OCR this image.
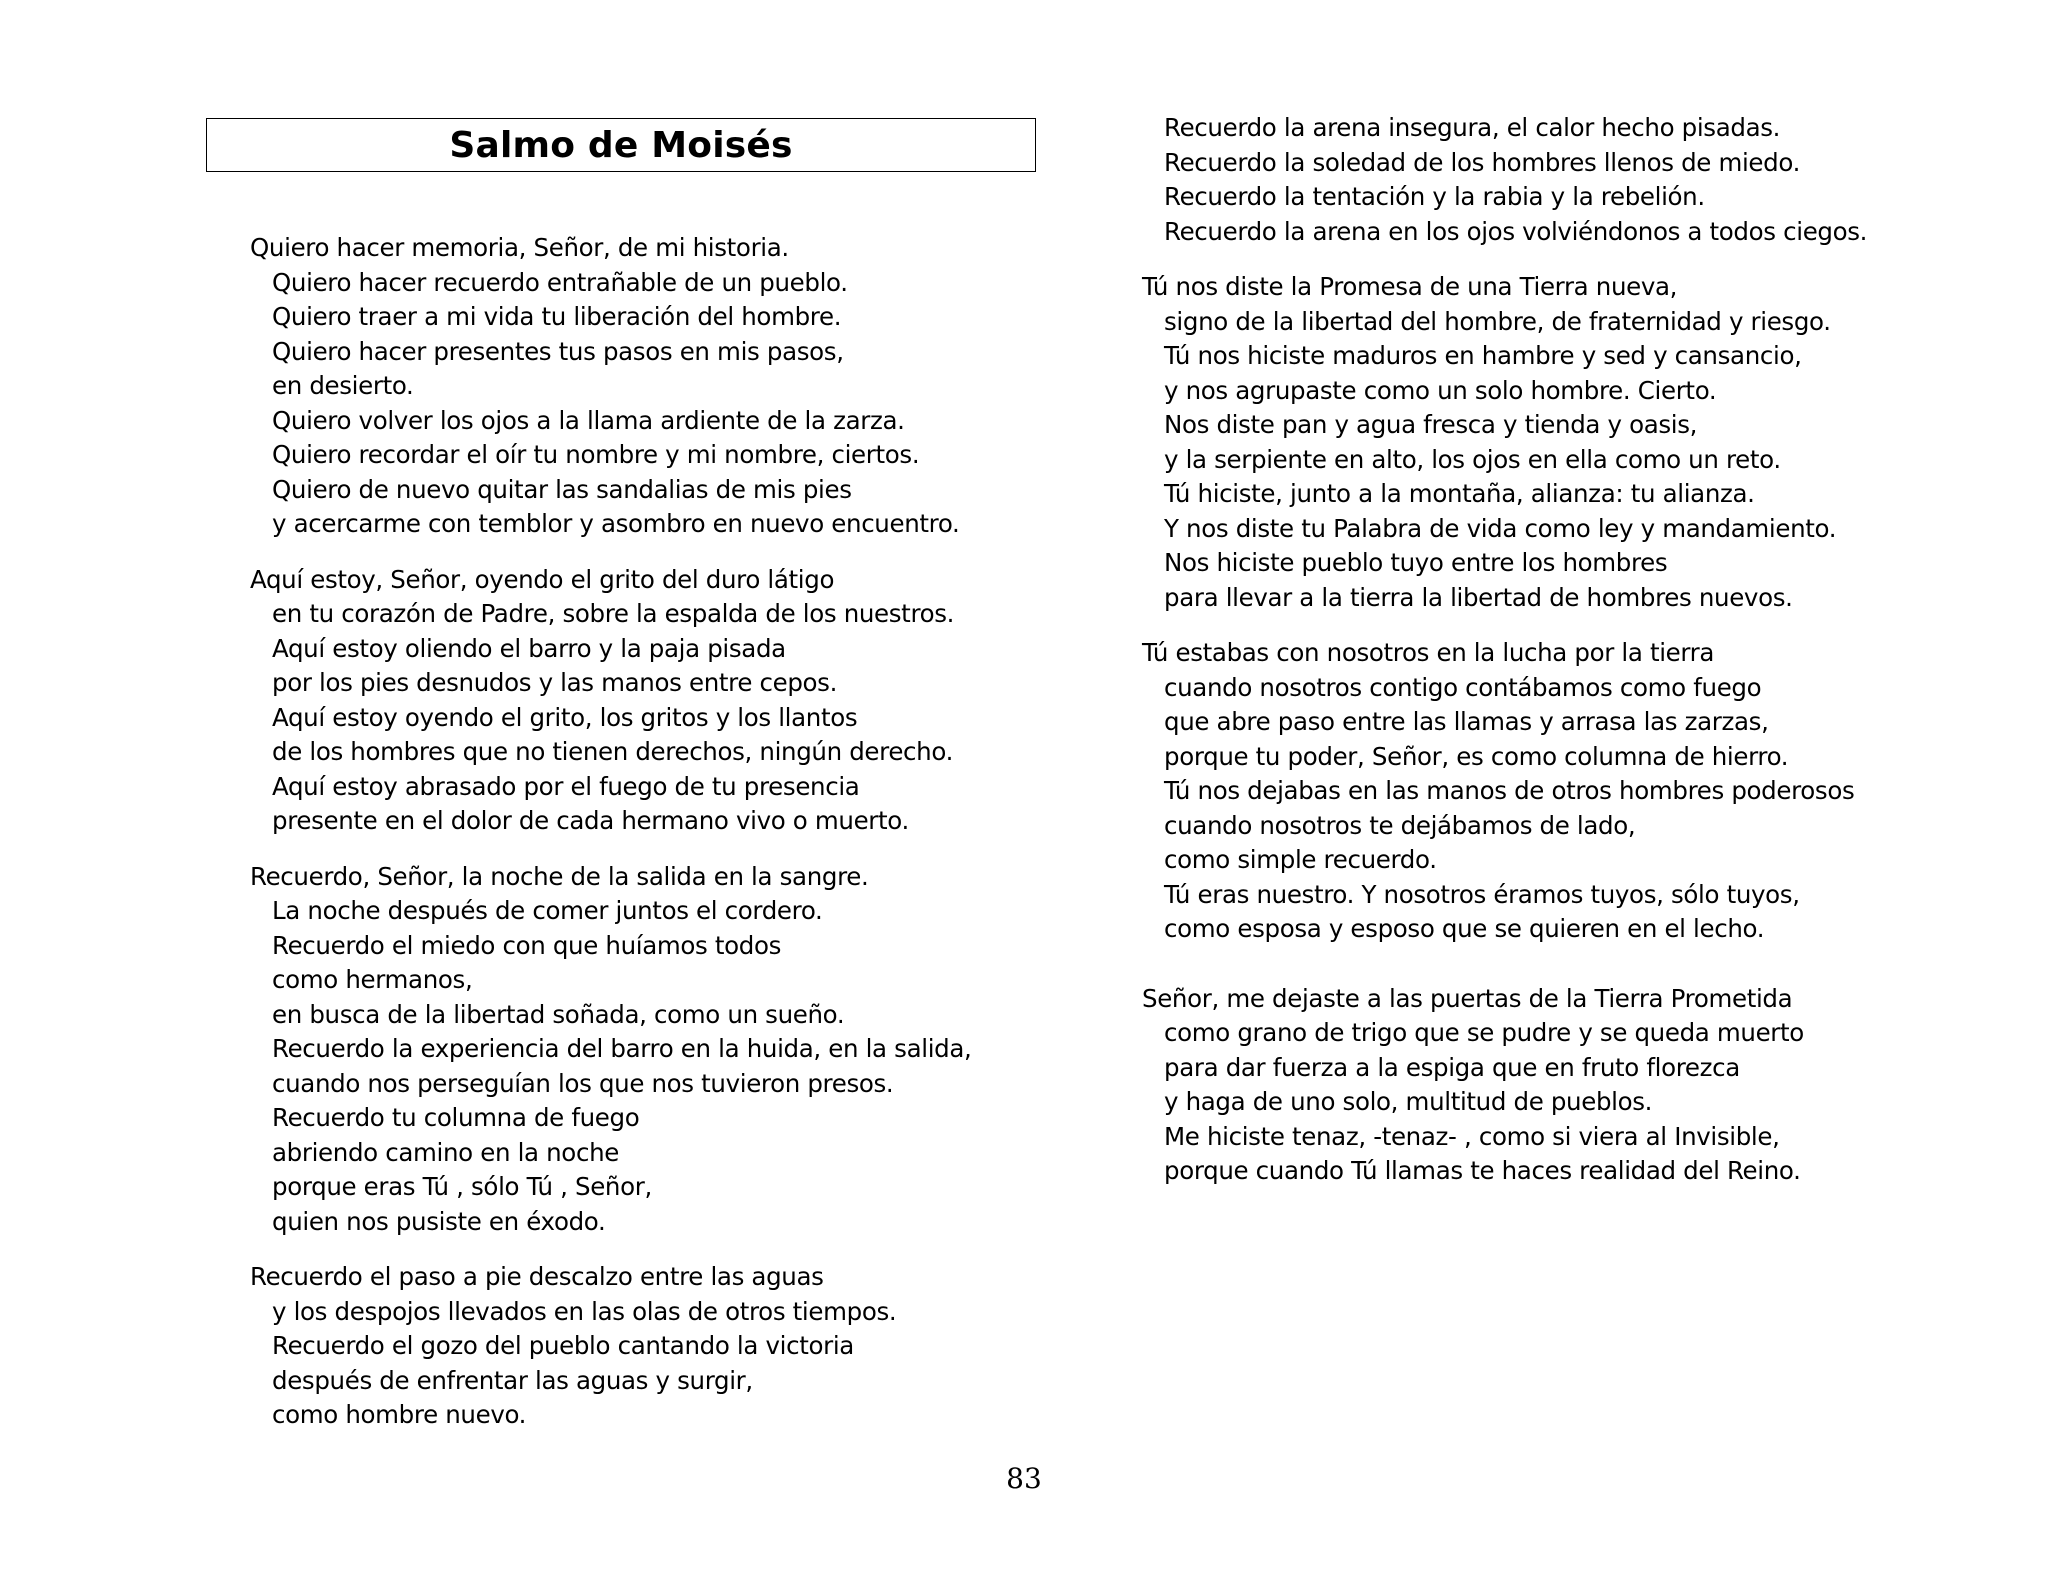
Salmo de Moisés
Quiero hacer memoria, Señor, de mi historia.
Quiero hacer recuerdo entrañable de un pueblo.
Quiero traer a mi vida tu liberación del hombre.
Quiero hacer presentes tus pasos en mis pasos,
en desierto.
Quiero volver los ojos a la llama ardiente de la zarza.
Quiero recordar el oír tu nombre y mi nombre, ciertos.
Quiero de nuevo quitar las sandalias de mis pies
y acercarme con temblor y asombro en nuevo encuentro.
Aquí estoy, Señor, oyendo el grito del duro látigo
en tu corazón de Padre, sobre la espalda de los nuestros.
Aquí estoy oliendo el barro y la paja pisada
por los pies desnudos y las manos entre cepos.
Aquí estoy oyendo el grito, los gritos y los llantos
de los hombres que no tienen derechos, ningún derecho.
Aquí estoy abrasado por el fuego de tu presencia
presente en el dolor de cada hermano vivo o muerto.
Recuerdo, Señor, la noche de la salida en la sangre.
La noche después de comer juntos el cordero.
Recuerdo el miedo con que huíamos todos
como hermanos,
en busca de la libertad soñada, como un sueño.
Recuerdo la experiencia del barro en la huida, en la salida,
cuando nos perseguían los que nos tuvieron presos.
Recuerdo tu columna de fuego
abriendo camino en la noche
porque eras Tú , sólo Tú , Señor,
quien nos pusiste en éxodo.
Recuerdo el paso a pie descalzo entre las aguas
y los despojos llevados en las olas de otros tiempos.
Recuerdo el gozo del pueblo cantando la victoria
después de enfrentar las aguas y surgir,
como hombre nuevo.
Recuerdo la arena insegura, el calor hecho pisadas.
Recuerdo la soledad de los hombres llenos de miedo.
Recuerdo la tentación y la rabia y la rebelión.
Recuerdo la arena en los ojos volviéndonos a todos ciegos.
Tú nos diste la Promesa de una Tierra nueva,
signo de la libertad del hombre, de fraternidad y riesgo.
Tú nos hiciste maduros en hambre y sed y cansancio,
y nos agrupaste como un solo hombre. Cierto.
Nos diste pan y agua fresca y tienda y oasis,
y la serpiente en alto, los ojos en ella como un reto.
Tú hiciste, junto a la montaña, alianza: tu alianza.
Y nos diste tu Palabra de vida como ley y mandamiento.
Nos hiciste pueblo tuyo entre los hombres
para llevar a la tierra la libertad de hombres nuevos.
Tú estabas con nosotros en la lucha por la tierra
cuando nosotros contigo contábamos como fuego
que abre paso entre las llamas y arrasa las zarzas,
porque tu poder, Señor, es como columna de hierro.
Tú nos dejabas en las manos de otros hombres poderosos
cuando nosotros te dejábamos de lado,
como simple recuerdo.
Tú eras nuestro. Y nosotros éramos tuyos, sólo tuyos,
como esposa y esposo que se quieren en el lecho.
Señor, me dejaste a las puertas de la Tierra Prometida
como grano de trigo que se pudre y se queda muerto
para dar fuerza a la espiga que en fruto florezca
y haga de uno solo, multitud de pueblos.
Me hiciste tenaz, -tenaz- , como si viera al Invisible,
porque cuando Tú llamas te haces realidad del Reino.
83
